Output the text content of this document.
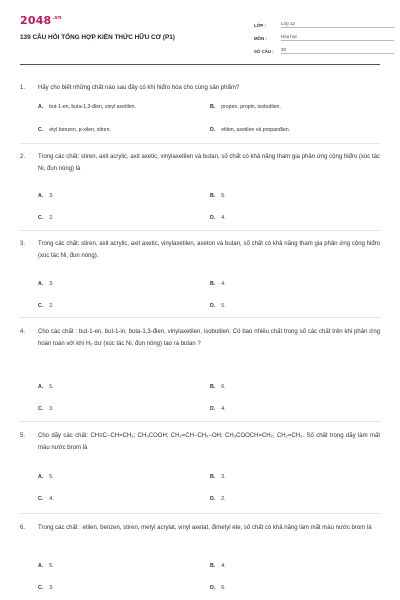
$2048^{.vn}$
139 CÂU HỎI TỔNG HỢP KIẾN THỨC HỮU CƠ (P1)
LỚP :	Lớp 12
MÔN :	Hóa học
SỐ CÂU :	30
1. Hãy cho biết những chất nào sau đây có khi hiđro hóa cho cùng sản phẩm?
A. but-1-en, buta-1,3-đien, vinyl axetilen.	B. propen, propin, isobutilen.
C. etyl benzen, p-xilen, stiren.	D. etilen, axetilen và propanđien.
2. Trong các chất: stiren, axit acrylic, axit axetic, vinylaxetilen và butan, số chất có khả năng tham gia phản ứng cộng hiđro (xúc tác Ni, đun nóng) là
A. 3.	B. 5.
C. 2.	D. 4.
3. Trong các chất: stiren, axit acrylic, axit axetic, vinylaxetilen, axeton và butan, số chất có khả năng tham gia phản ứng cộng hiđro (xúc tác Ni, đun nóng).
A. 3.	B. 4.
C. 2.	D. 5.
4. Cho các chất : but-1-en, but-1-in, buta-1,3-đien, vinylaxetilen, isobutilen. Có bao nhiêu chất trong số các chất trên khi phản ứng hoàn toàn với khí H₂ dư (xúc tác Ni, đun nóng) tạo ra butan ?
A. 5.	B. 6.
C. 3.	D. 4.
5. Cho dãy các chất: CH≡C−CH=CH₂; CH₃COOH; CH₂=CH−CH₂−OH; CH₃COOCH=CH₂; CH₂=CH₂. Số chất trong dãy làm mất màu nước brom là
A. 5.	B. 3.
C. 4.	D. 2.
6. Trong các chất : etilen, benzen, stiren, metyl acrylat, vinyl axetat, đimetyl ete, số chất có khả năng làm mất màu nước brom là
A. 5.	B. 4.
C. 3.	D. 6.
